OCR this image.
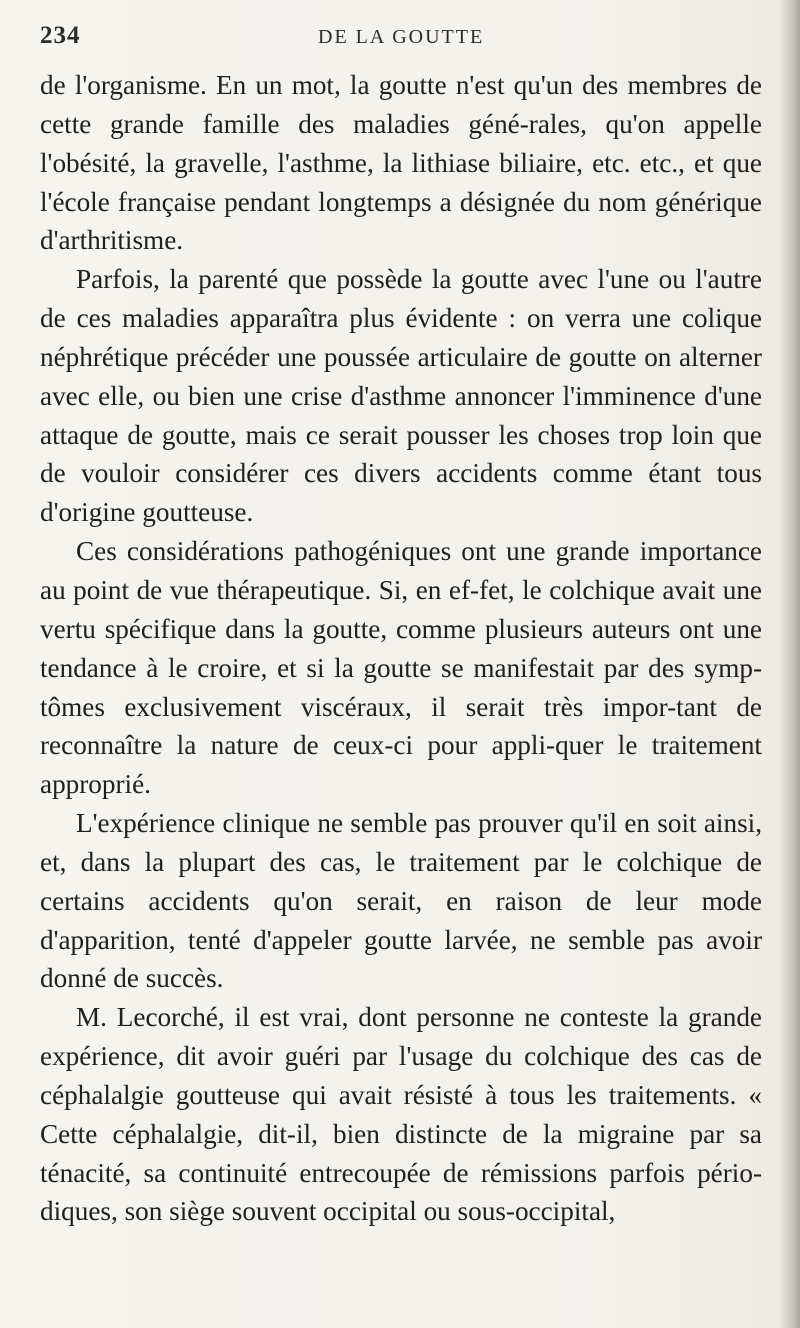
234	DE LA GOUTTE

de l'organisme. En un mot, la goutte n'est qu'un des membres de cette grande famille des maladies géné-rales, qu'on appelle l'obésité, la gravelle, l'asthme, la lithiase biliaire, etc. etc., et que l'école française pendant longtemps a désignée du nom générique d'arthritisme.

Parfois, la parenté que possède la goutte avec l'une ou l'autre de ces maladies apparaîtra plus évidente : on verra une colique néphrétique précéder une poussée articulaire de goutte on alterner avec elle, ou bien une crise d'asthme annoncer l'imminence d'une attaque de goutte, mais ce serait pousser les choses trop loin que de vouloir considérer ces divers accidents comme étant tous d'origine goutteuse.

Ces considérations pathogéniques ont une grande importance au point de vue thérapeutique. Si, en ef-fet, le colchique avait une vertu spécifique dans la goutte, comme plusieurs auteurs ont une tendance à le croire, et si la goutte se manifestait par des symp-tômes exclusivement viscéraux, il serait très impor-tant de reconnaître la nature de ceux-ci pour appli-quer le traitement approprié.

L'expérience clinique ne semble pas prouver qu'il en soit ainsi, et, dans la plupart des cas, le traitement par le colchique de certains accidents qu'on serait, en raison de leur mode d'apparition, tenté d'appeler goutte larvée, ne semble pas avoir donné de succès.

M. Lecorché, il est vrai, dont personne ne conteste la grande expérience, dit avoir guéri par l'usage du colchique des cas de céphalalgie goutteuse qui avait résisté à tous les traitements. « Cette céphalalgie, dit-il, bien distincte de la migraine par sa ténacité, sa continuité entrecoupée de rémissions parfois pério-diques, son siège souvent occipital ou sous-occipital,
